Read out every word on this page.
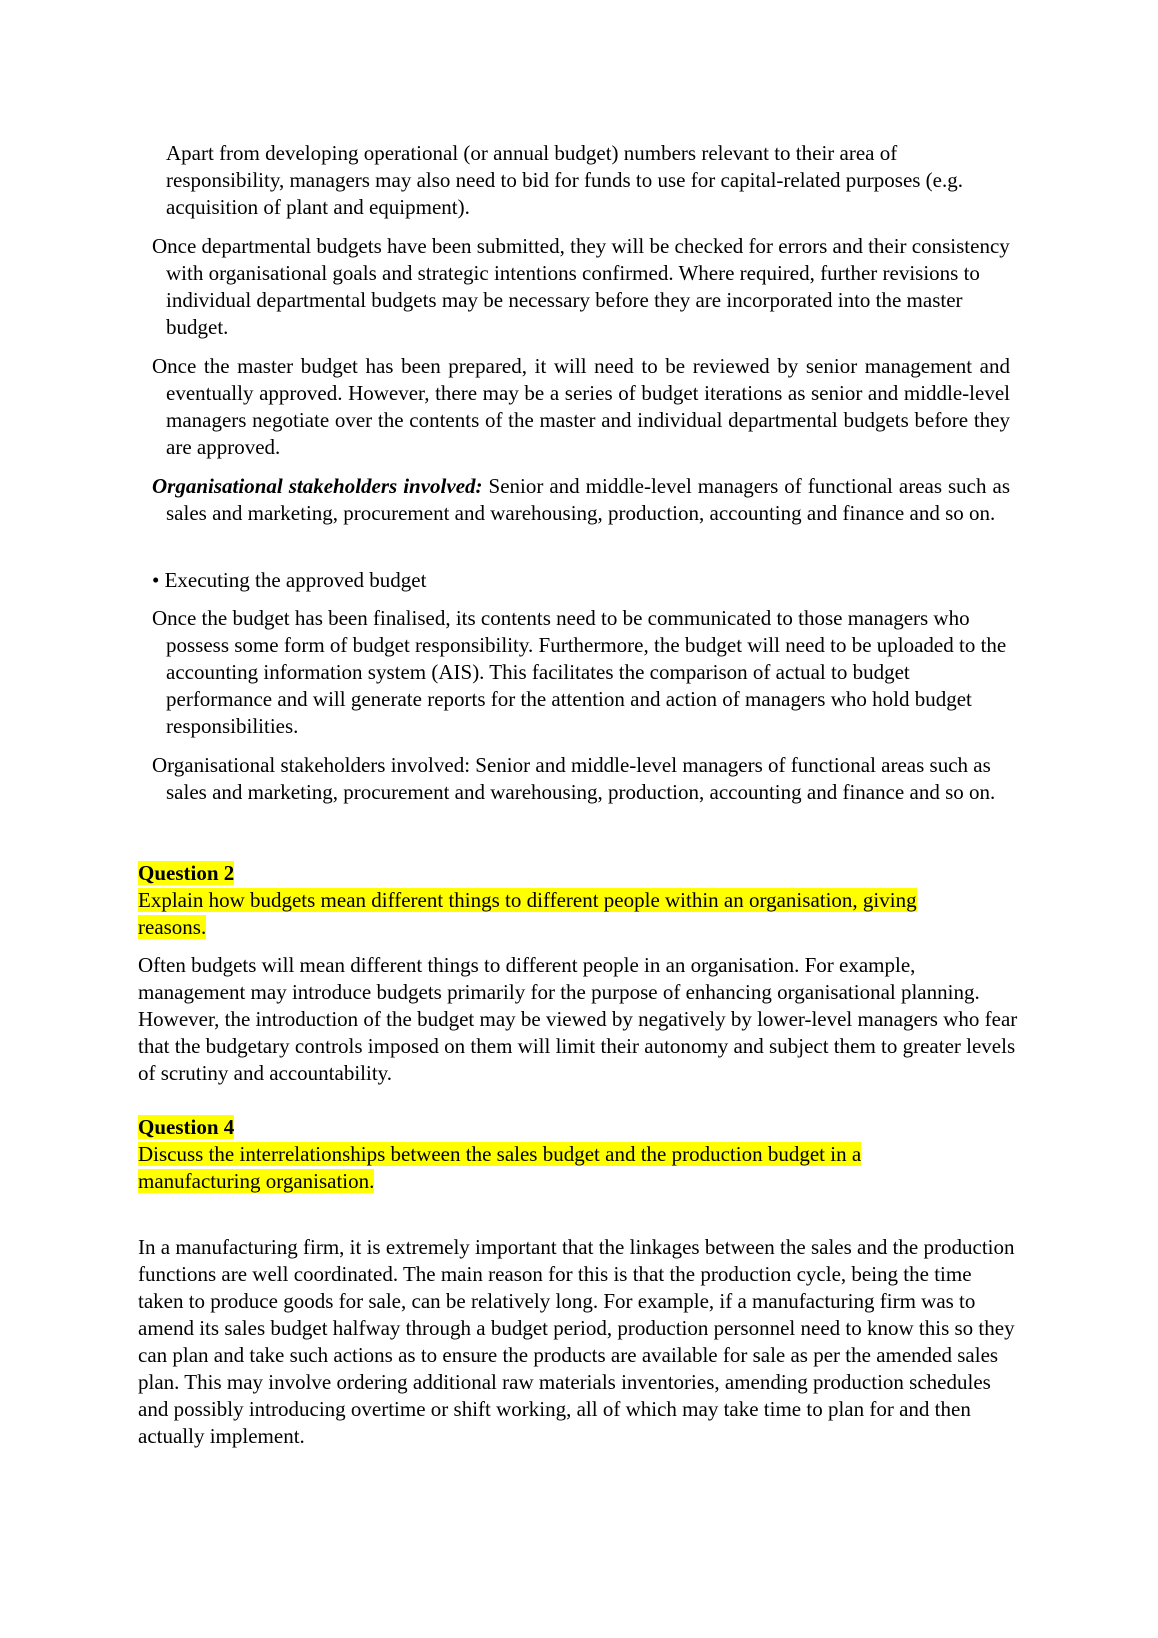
Apart from developing operational (or annual budget) numbers relevant to their area of responsibility, managers may also need to bid for funds to use for capital-related purposes (e.g. acquisition of plant and equipment).

Once departmental budgets have been submitted, they will be checked for errors and their consistency with organisational goals and strategic intentions confirmed. Where required, further revisions to individual departmental budgets may be necessary before they are incorporated into the master budget.

Once the master budget has been prepared, it will need to be reviewed by senior management and eventually approved. However, there may be a series of budget iterations as senior and middle-level managers negotiate over the contents of the master and individual departmental budgets before they are approved.

Organisational stakeholders involved: Senior and middle-level managers of functional areas such as sales and marketing, procurement and warehousing, production, accounting and finance and so on.

• Executing the approved budget

Once the budget has been finalised, its contents need to be communicated to those managers who possess some form of budget responsibility. Furthermore, the budget will need to be uploaded to the accounting information system (AIS). This facilitates the comparison of actual to budget performance and will generate reports for the attention and action of managers who hold budget responsibilities.

Organisational stakeholders involved: Senior and middle-level managers of functional areas such as sales and marketing, procurement and warehousing, production, accounting and finance and so on.

Question 2
Explain how budgets mean different things to different people within an organisation, giving
reasons.

Often budgets will mean different things to different people in an organisation. For example, management may introduce budgets primarily for the purpose of enhancing organisational planning. However, the introduction of the budget may be viewed by negatively by lower-level managers who fear that the budgetary controls imposed on them will limit their autonomy and subject them to greater levels of scrutiny and accountability.

Question 4
Discuss the interrelationships between the sales budget and the production budget in a
manufacturing organisation.

In a manufacturing firm, it is extremely important that the linkages between the sales and the production functions are well coordinated. The main reason for this is that the production cycle, being the time taken to produce goods for sale, can be relatively long. For example, if a manufacturing firm was to amend its sales budget halfway through a budget period, production personnel need to know this so they can plan and take such actions as to ensure the products are available for sale as per the amended sales plan. This may involve ordering additional raw materials inventories, amending production schedules and possibly introducing overtime or shift working, all of which may take time to plan for and then actually implement.
